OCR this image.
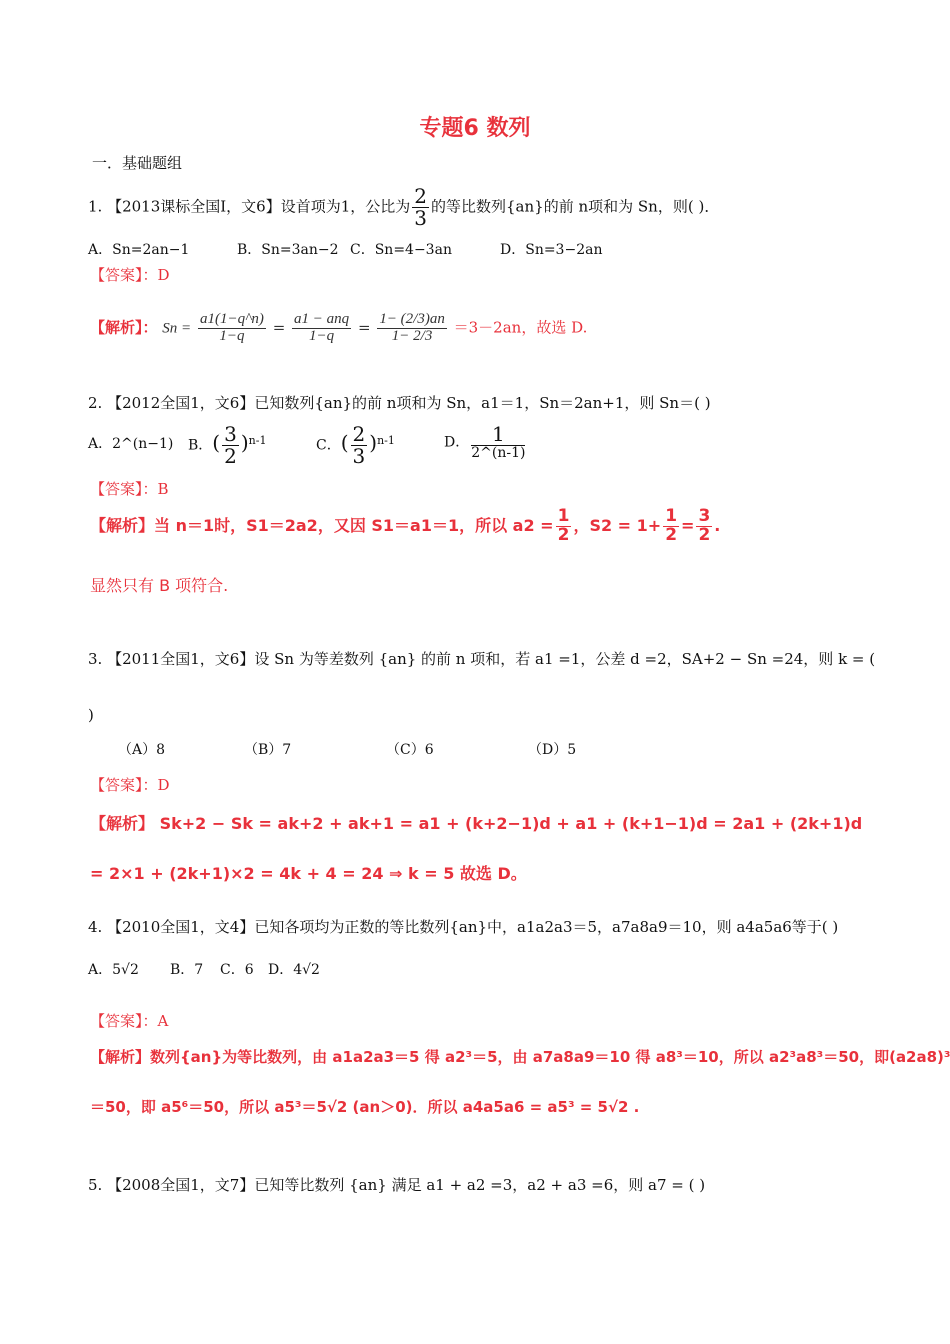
专题6 数列
一．基础题组
1. 【2013课标全国Ⅰ，文6】设首项为1，公比为 $\frac{2}{3}$ 的等比数列{an}的前 n项和为 Sn，则( )．
A．Sn=2an−1	B．Sn=3an−2 C．Sn=4−3an	D．Sn=3−2an
【答案】：D
【解析】： $Sn = \frac{a1(1-q\^{}n)}{1-q} = \frac{\text{a1 − anq}}{1-q} = \frac{1- (2/3)an}{1- 2/3} =3-2an$，故选 D.
2. 【2012全国1，文6】已知数列{an}的前 n项和为 Sn，a1＝1，Sn＝2an+1，则 Sn＝( )
A．2^(n−1) B．( $\frac{3}{2} )^{n-1}$	C．( $\frac{2}{3} )^{n-1}$	D． $\frac{1}{2\^{}(n-1)}$
【答案】：B
【解析】当 n＝1时，S1＝2a2，又因 S1＝a1＝1，所以 $a2 = \frac{1}{2}$ ，$S2 = 1+ \frac{1}{2} = \frac{3}{2}$ .
显然只有 B 项符合.
3. 【2011全国1，文6】设 Sn 为等差数列 {an} 的前 n 项和，若 a1 =1，公差 d =2，SA+2 − Sn =24，则 k = (
)
（A）8	（B）7	（C）6	（D）5
【答案】：D
【解析】 Sk+2 − Sk = ak+2 + ak+1 = a1 + (k+2−1)d + a1 + (k+1−1)d = 2a1 + (2k+1)d
= 2×1 + (2k+1)×2 = 4k + 4 = 24 ⇒ k = 5 故选 D。
4. 【2010全国1，文4】已知各项均为正数的等比数列{an}中，a1a2a3＝5，a7a8a9＝10，则 a4a5a6等于( )
A．5√2 B．7 C．6 D．4√2
【答案】：A
【解析】数列{an}为等比数列，由 a1a2a3＝5 得 a2³＝5，由 a7a8a9＝10 得 a8³＝10，所以 a2³a8³＝50，即(a2a8)³
＝50，即 a5⁶＝50，所以 a5³＝5√2 (an＞0)．所以 a4a5a6 = a5³ = 5√2 .
5. 【2008全国1，文7】已知等比数列 {an} 满足 a1 + a2 =3，a2 + a3 =6，则 a7 = ( )
